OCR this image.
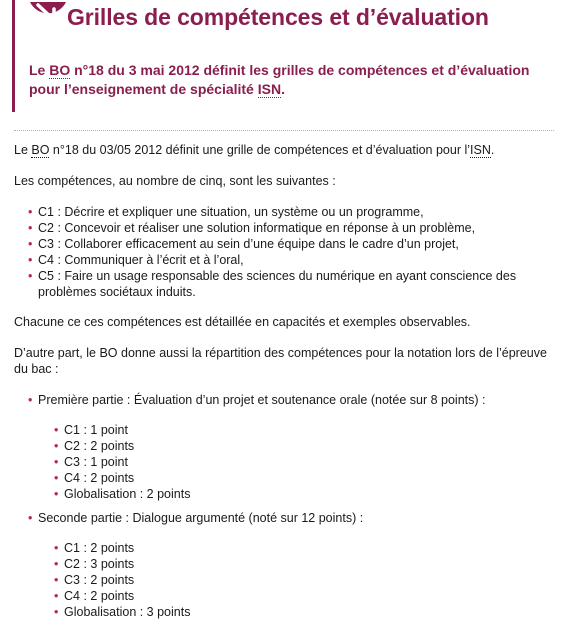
Grilles de compétences et d’évaluation

Le BO n°18 du 3 mai 2012 définit les grilles de compétences et d’évaluation pour l’enseignement de spécialité ISN.

Le BO n°18 du 03/05 2012 définit une grille de compétences et d’évaluation pour l’ISN.

Les compétences, au nombre de cinq, sont les suivantes :

• C1 : Décrire et expliquer une situation, un système ou un programme,
• C2 : Concevoir et réaliser une solution informatique en réponse à un problème,
• C3 : Collaborer efficacement au sein d’une équipe dans le cadre d’un projet,
• C4 : Communiquer à l’écrit et à l’oral,
• C5 : Faire un usage responsable des sciences du numérique en ayant conscience des
problèmes sociétaux induits.

Chacune ce ces compétences est détaillée en capacités et exemples observables.

D’autre part, le BO donne aussi la répartition des compétences pour la notation lors de l’épreuve du bac :

• Première partie : Évaluation d’un projet et soutenance orale (notée sur 8 points) :
• C1 : 1 point
• C2 : 2 points
• C3 : 1 point
• C4 : 2 points
• Globalisation : 2 points
• Seconde partie : Dialogue argumenté (noté sur 12 points) :
• C1 : 2 points
• C2 : 3 points
• C3 : 2 points
• C4 : 2 points
• Globalisation : 3 points
